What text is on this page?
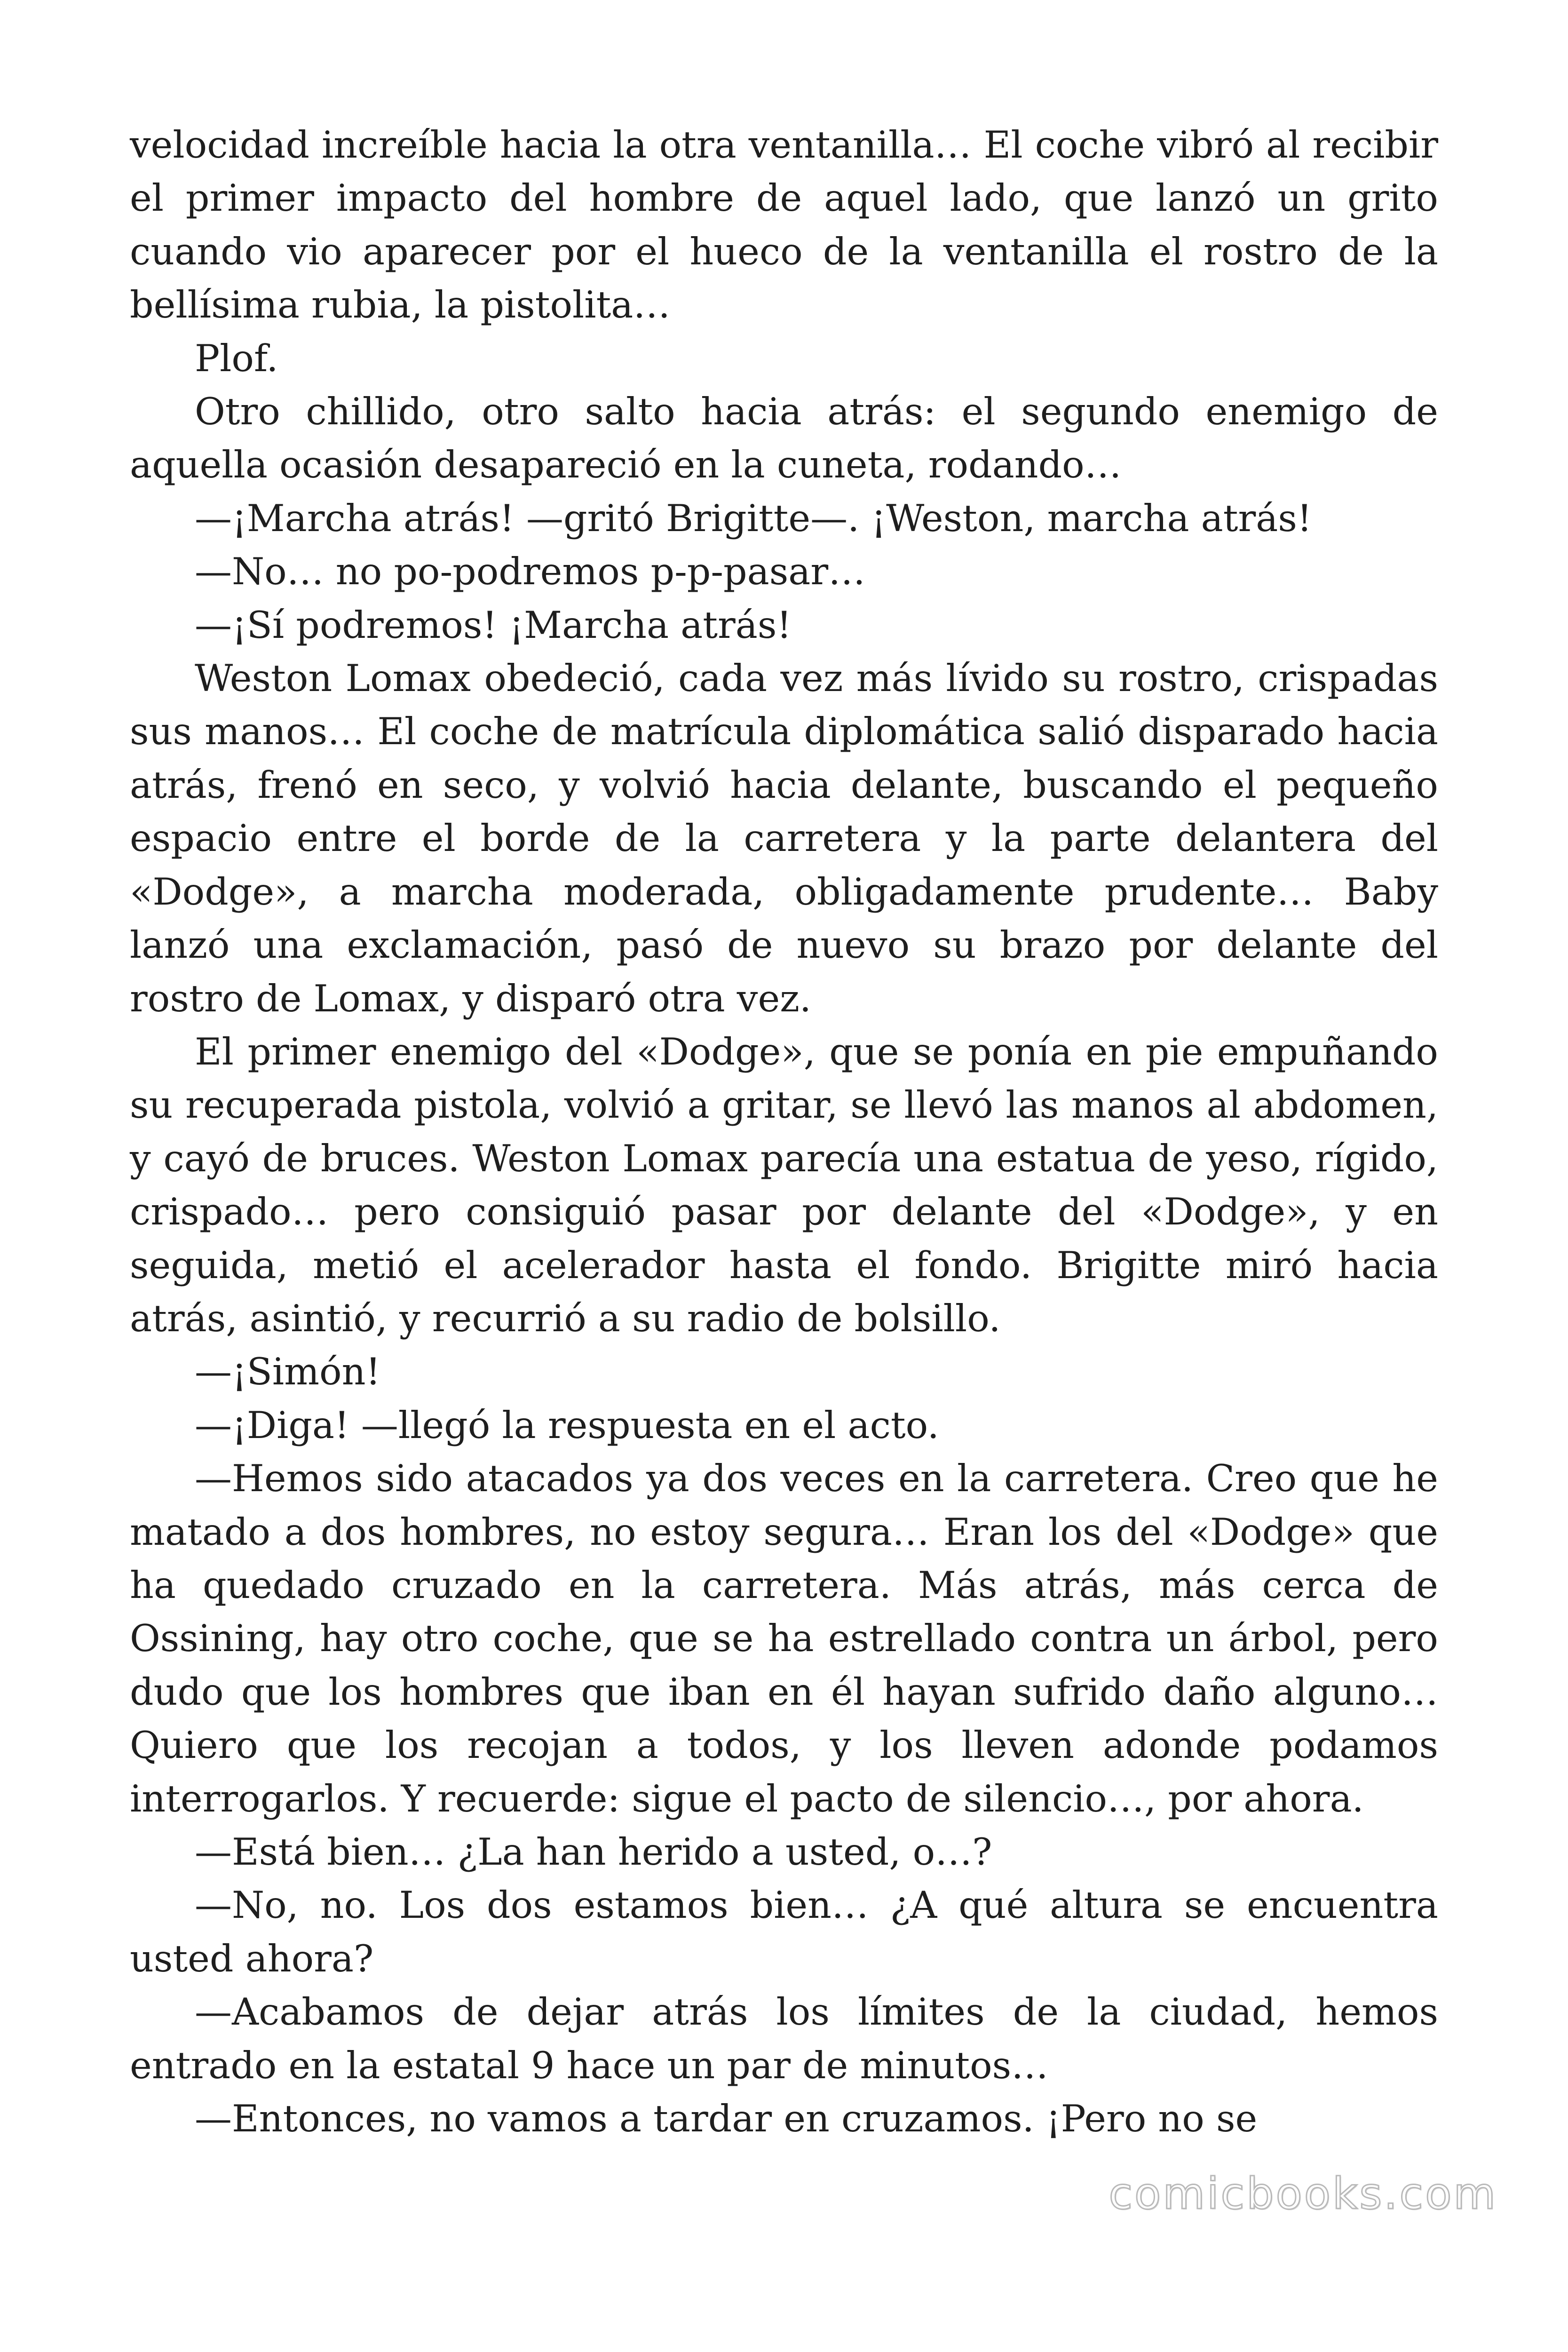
velocidad increíble hacia la otra ventanilla… El coche vibró al recibir el primer impacto del hombre de aquel lado, que lanzó un grito cuando vio aparecer por el hueco de la ventanilla el rostro de la bellísima rubia, la pistolita…

Plof.

Otro chillido, otro salto hacia atrás: el segundo enemigo de aquella ocasión desapareció en la cuneta, rodando…

—¡Marcha atrás! —gritó Brigitte—. ¡Weston, marcha atrás!

—No… no po-podremos p-p-pasar…

—¡Sí podremos! ¡Marcha atrás!

Weston Lomax obedeció, cada vez más lívido su rostro, crispadas sus manos… El coche de matrícula diplomática salió disparado hacia atrás, frenó en seco, y volvió hacia delante, buscando el pequeño espacio entre el borde de la carretera y la parte delantera del «Dodge», a marcha moderada, obligadamente prudente… Baby lanzó una exclamación, pasó de nuevo su brazo por delante del rostro de Lomax, y disparó otra vez.

El primer enemigo del «Dodge», que se ponía en pie empuñando su recuperada pistola, volvió a gritar, se llevó las manos al abdomen, y cayó de bruces. Weston Lomax parecía una estatua de yeso, rígido, crispado… pero consiguió pasar por delante del «Dodge», y en seguida, metió el acelerador hasta el fondo. Brigitte miró hacia atrás, asintió, y recurrió a su radio de bolsillo.

—¡Simón!

—¡Diga! —llegó la respuesta en el acto.

—Hemos sido atacados ya dos veces en la carretera. Creo que he matado a dos hombres, no estoy segura… Eran los del «Dodge» que ha quedado cruzado en la carretera. Más atrás, más cerca de Ossining, hay otro coche, que se ha estrellado contra un árbol, pero dudo que los hombres que iban en él hayan sufrido daño alguno… Quiero que los recojan a todos, y los lleven adonde podamos interrogarlos. Y recuerde: sigue el pacto de silencio…, por ahora.

—Está bien… ¿La han herido a usted, o…?

—No, no. Los dos estamos bien… ¿A qué altura se encuentra usted ahora?

—Acabamos de dejar atrás los límites de la ciudad, hemos entrado en la estatal 9 hace un par de minutos…

—Entonces, no vamos a tardar en cruzamos. ¡Pero no se

comicbooks.com
